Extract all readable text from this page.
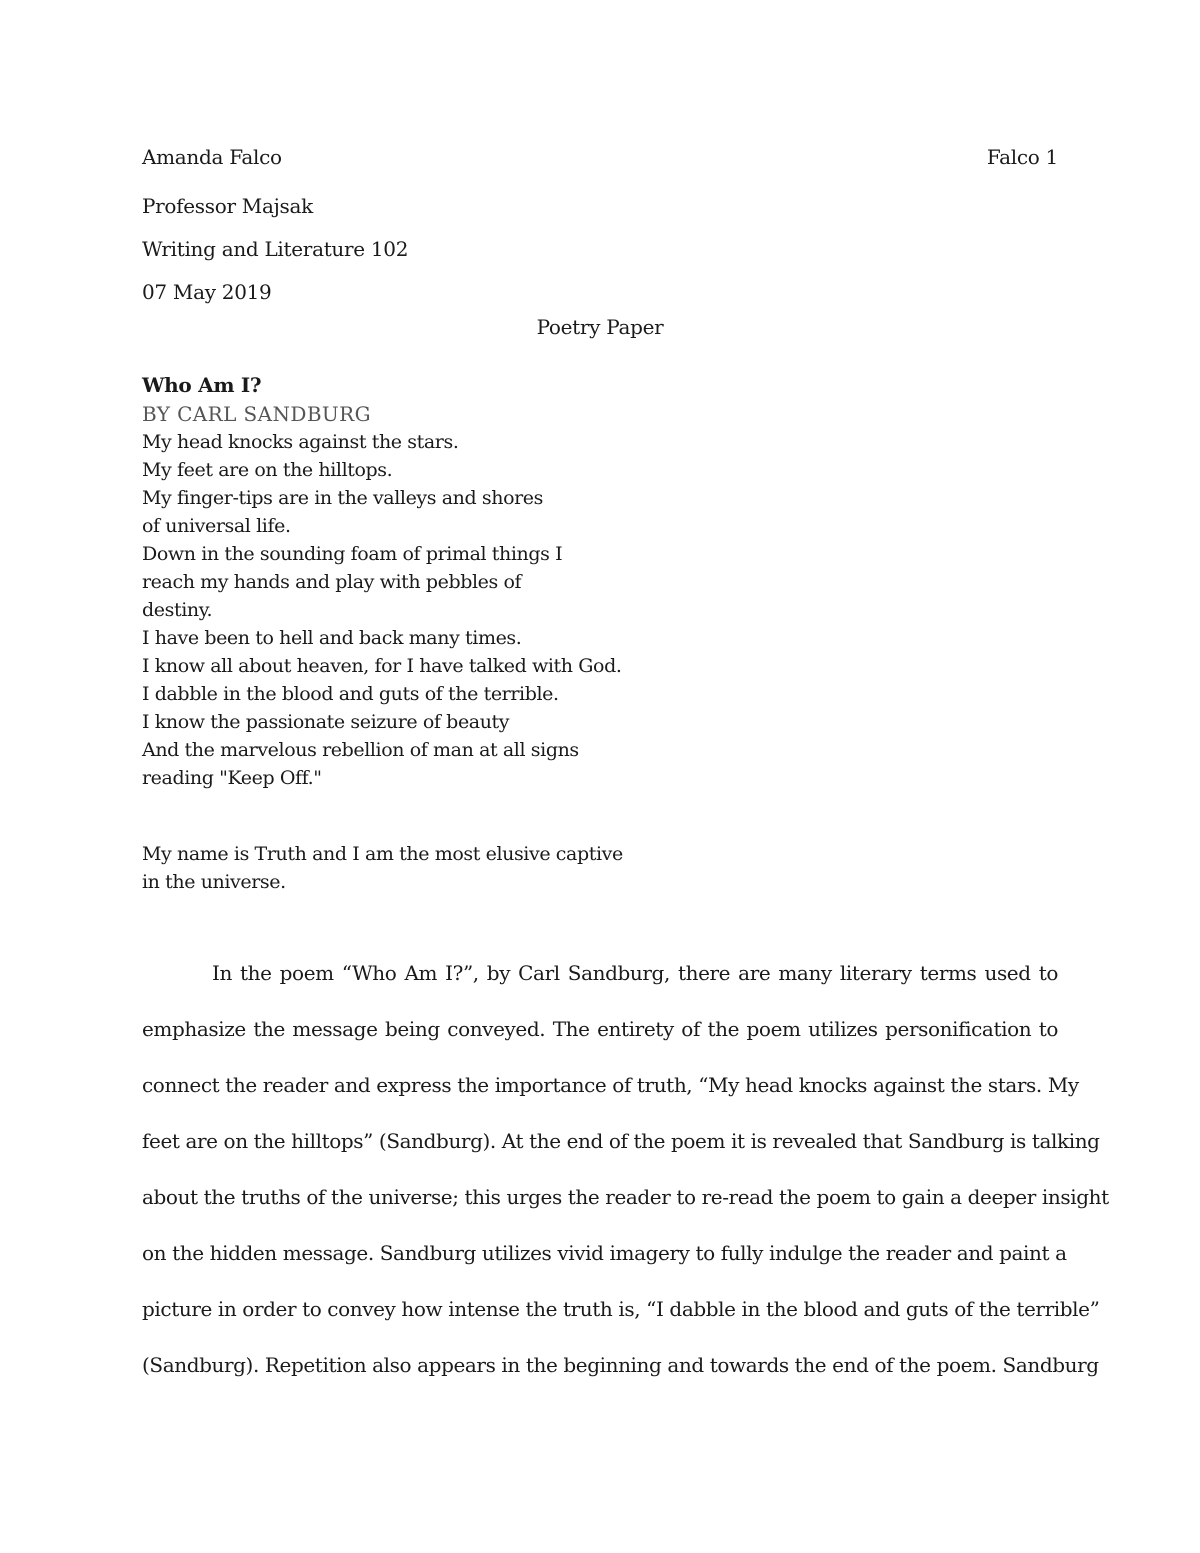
Amanda Falco	Falco 1
Professor Majsak
Writing and Literature 102
07 May 2019
Poetry Paper
Who Am I?
BY CARL SANDBURG
My head knocks against the stars.
My feet are on the hilltops.
My finger-tips are in the valleys and shores
of universal life.
Down in the sounding foam of primal things I
reach my hands and play with pebbles of
destiny.
I have been to hell and back many times.
I know all about heaven, for I have talked with God.
I dabble in the blood and guts of the terrible.
I know the passionate seizure of beauty
And the marvelous rebellion of man at all signs
reading "Keep Off."
My name is Truth and I am the most elusive captive
in the universe.
In the poem “Who Am I?”, by Carl Sandburg, there are many literary terms used to
emphasize the message being conveyed. The entirety of the poem utilizes personification to
connect the reader and express the importance of truth, “My head knocks against the stars. My
feet are on the hilltops” (Sandburg). At the end of the poem it is revealed that Sandburg is talking
about the truths of the universe; this urges the reader to re-read the poem to gain a deeper insight
on the hidden message. Sandburg utilizes vivid imagery to fully indulge the reader and paint a
picture in order to convey how intense the truth is, “I dabble in the blood and guts of the terrible”
(Sandburg). Repetition also appears in the beginning and towards the end of the poem. Sandburg
